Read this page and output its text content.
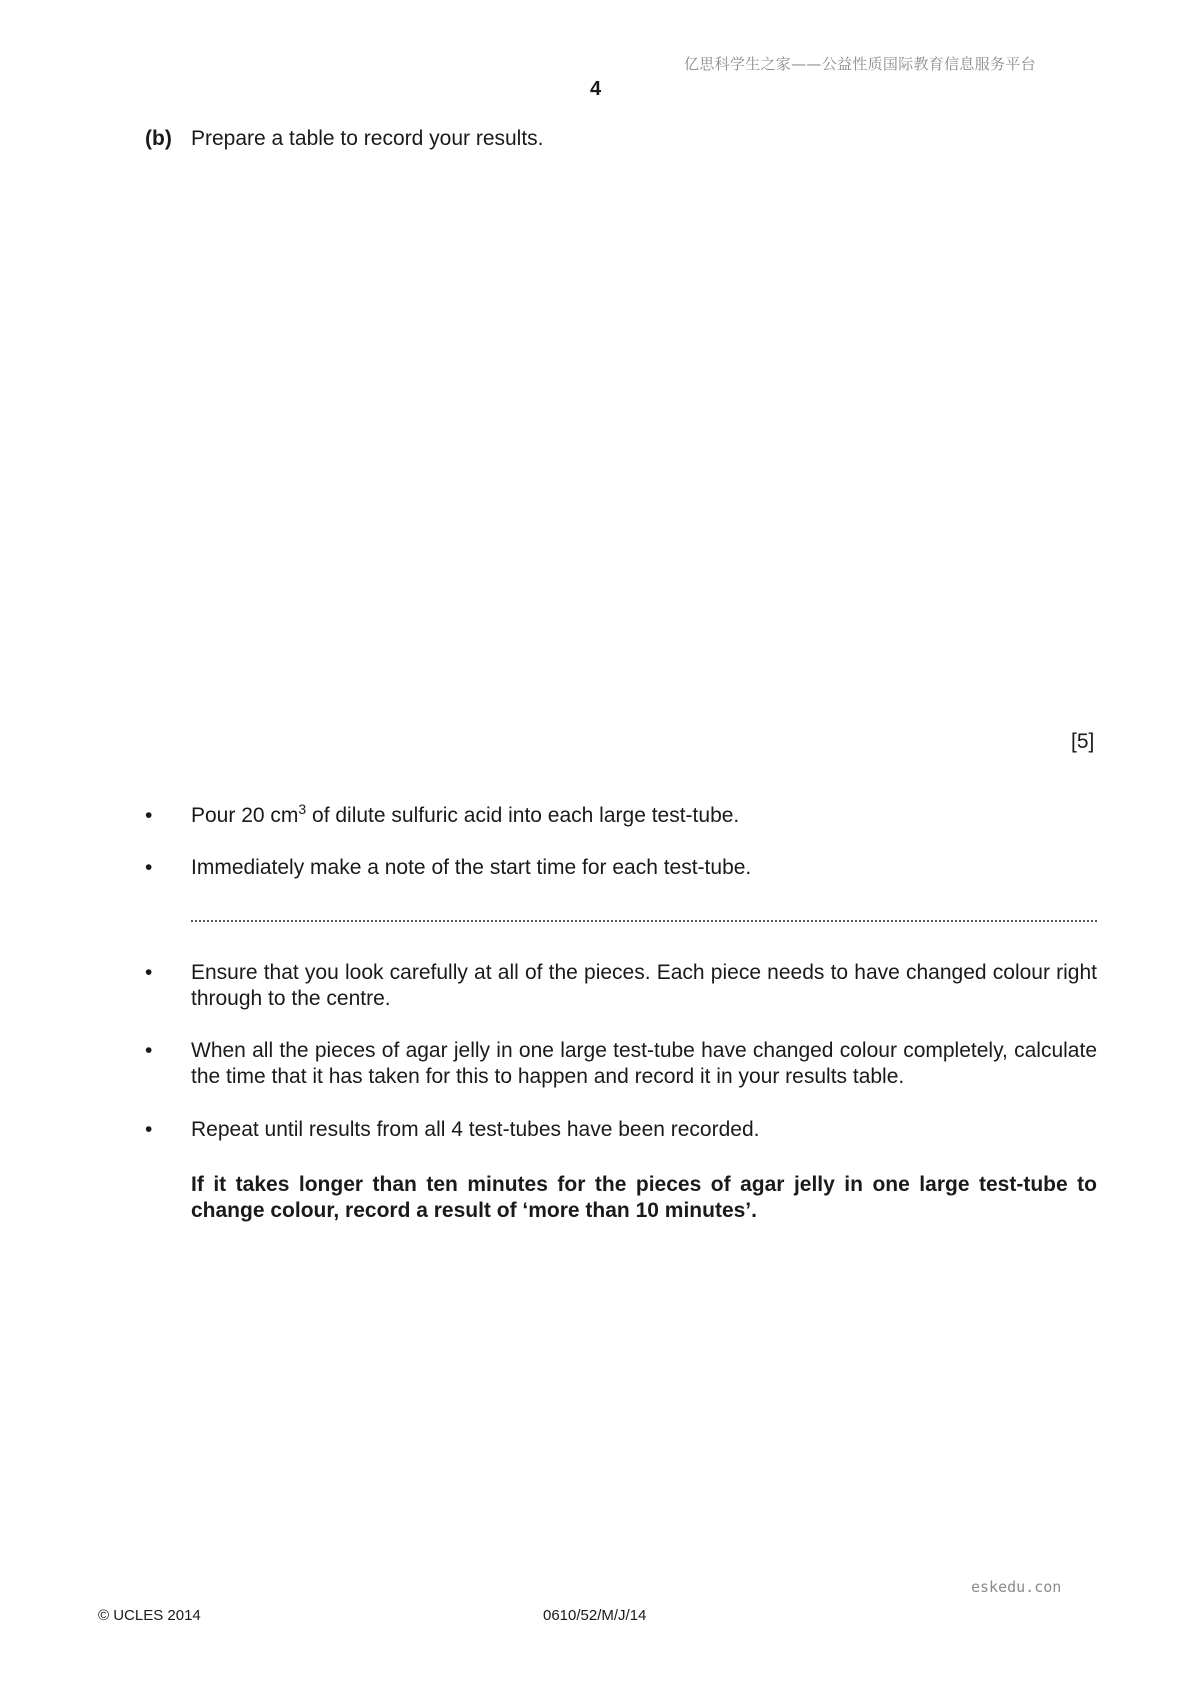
亿思科学生之家——公益性质国际教育信息服务平台
4
(b) Prepare a table to record your results.
[5]
• Pour 20 $cm^3$ of dilute sulfuric acid into each large test-tube.
• Immediately make a note of the start time for each test-tube.
• Ensure that you look carefully at all of the pieces. Each piece needs to have changed colour right through to the centre.
• When all the pieces of agar jelly in one large test-tube have changed colour completely, calculate the time that it has taken for this to happen and record it in your results table.
• Repeat until results from all 4 test-tubes have been recorded.
If it takes longer than ten minutes for the pieces of agar jelly in one large test-tube to change colour, record a result of ‘more than 10 minutes’.
eskedu.con
© UCLES 2014	0610/52/M/J/14
